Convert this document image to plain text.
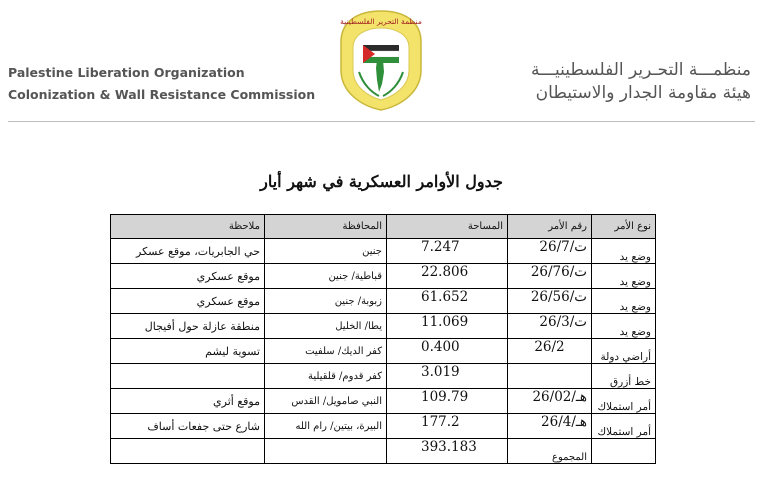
Palestine Liberation Organization
Colonization & Wall Resistance Commission
منظمـــة التحـرير الفلسطينيـــة
هيئة مقاومة الجدار والاستيطان
منظمة التحرير الفلسطينية
جدول الأوامر العسكرية في شهر أيار
نوع الأمر	رقم الأمر	المساحة	المحافظة	ملاحظة
وضع يد	ت/26/7	7.247	جنين	حي الجابريات، موقع عسكر
وضع يد	ت/26/76	22.806	قباطية/ جنين	موقع عسكري
وضع يد	ت/26/56	61.652	زبوبة/ جنين	موقع عسكري
وضع يد	ت/26/3	11.069	يطا/ الخليل	منطقة عازلة حول أفيجال
أراضي دولة	26/2	0.400	كفر الديك/ سلفيت	تسوية ليشم
خط أزرق		3.019	كفر قدوم/ قلقيلية	
أمر استملاك	هـ/26/02	109.79	النبي صامويل/ القدس	موقع أثري
أمر استملاك	هـ/26/4	177.2	البيرة، بيتين/ رام الله	شارع حتى جفعات أساف
	المجموع	393.183		
